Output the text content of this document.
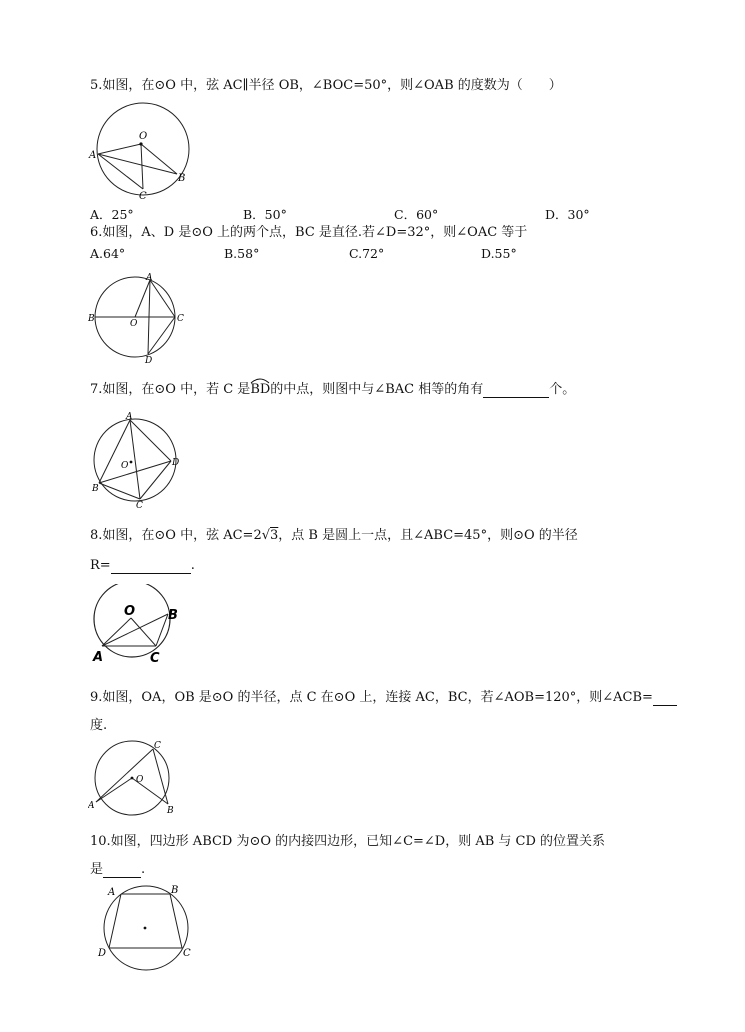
5.如图，在⊙O 中，弦 AC∥半径 OB，∠BOC=50°，则∠OAB 的度数为（　　）
O
A
B
C
A．25°	B．50°	C．60°	D．30°
6.如图，A、D 是⊙O 上的两个点，BC 是直径.若∠D=32°，则∠OAC 等于
A.64°	B.58°	C.72°	D.55°
A
B	O	C
D
7.如图，在⊙O 中，若 C 是
BD的中点，则图中与∠BAC 相等的角有	个。
A
O	D
B
C
8.如图，在⊙O 中，弦 AC=2√3，点 B 是圆上一点，且∠ABC=45°，则⊙O 的半径
R=	.
O	B
A	C
9.如图，OA，OB 是⊙O 的半径，点 C 在⊙O 上，连接 AC，BC，若∠AOB=120°，则∠ACB=
度.
C
O
A	B
10.如图，四边形 ABCD 为⊙O 的内接四边形，已知∠C=∠D，则 AB 与 CD 的位置关系
是	.
A	B
D	C
